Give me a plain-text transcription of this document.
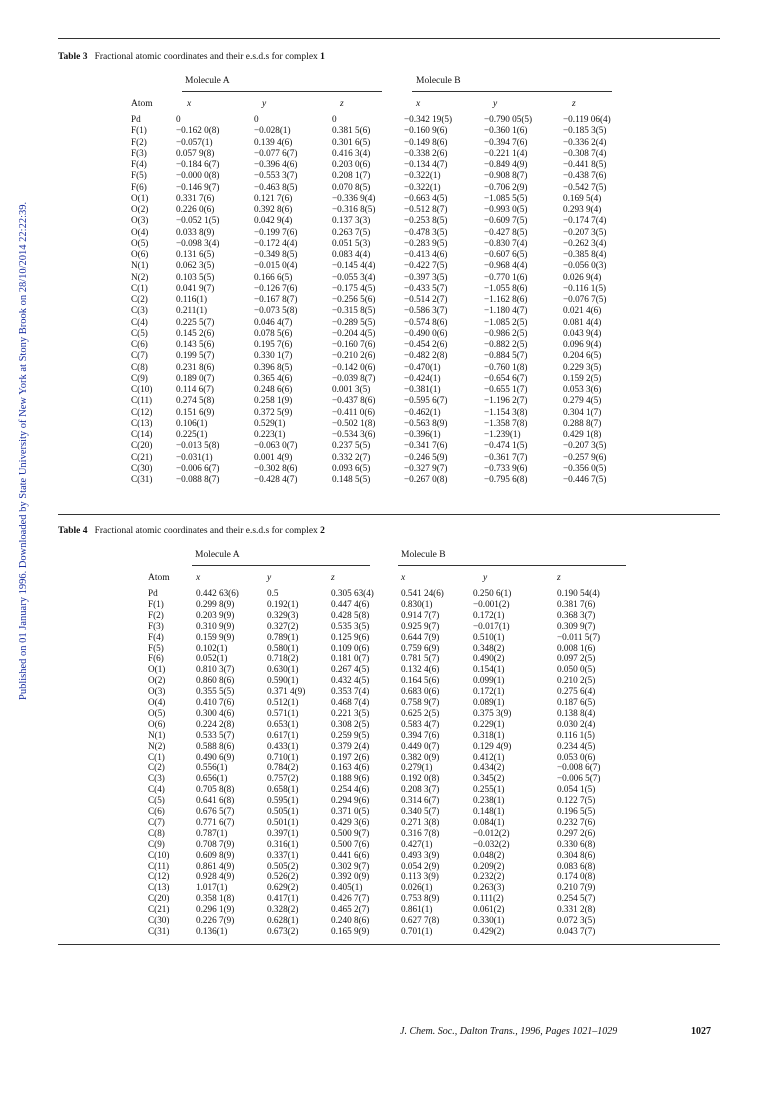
Published on 01 January 1996. Downloaded by State University of New York at Stony Brook on 28/10/2014 22:22:39.
Table 3 Fractional atomic coordinates and their e.s.d.s for complex 1
Molecule A	Molecule B
Atom	x	y	z	x	y	z
Pd	0	0	0	−0.342 19(5)	−0.790 05(5)	−0.119 06(4)
F(1)	−0.162 0(8)	−0.028(1)	0.381 5(6)	−0.160 9(6)	−0.360 1(6)	−0.185 3(5)
F(2)	−0.057(1)	0.139 4(6)	0.301 6(5)	−0.149 8(6)	−0.394 7(6)	−0.336 2(4)
F(3)	0.057 9(8)	−0.077 6(7)	0.416 3(4)	−0.338 2(6)	−0.221 1(4)	−0.308 7(4)
F(4)	−0.184 6(7)	−0.396 4(6)	0.203 0(6)	−0.134 4(7)	−0.849 4(9)	−0.441 8(5)
F(5)	−0.000 0(8)	−0.553 3(7)	0.208 1(7)	−0.322(1)	−0.908 8(7)	−0.438 7(6)
F(6)	−0.146 9(7)	−0.463 8(5)	0.070 8(5)	−0.322(1)	−0.706 2(9)	−0.542 7(5)
O(1)	0.331 7(6)	0.121 7(6)	−0.336 9(4)	−0.663 4(5)	−1.085 5(5)	0.169 5(4)
O(2)	0.226 0(6)	0.392 8(6)	−0.316 8(5)	−0.512 8(7)	−0.993 0(5)	0.293 9(4)
O(3)	−0.052 1(5)	0.042 9(4)	0.137 3(3)	−0.253 8(5)	−0.609 7(5)	−0.174 7(4)
O(4)	0.033 8(9)	−0.199 7(6)	0.263 7(5)	−0.478 3(5)	−0.427 8(5)	−0.207 3(5)
O(5)	−0.098 3(4)	−0.172 4(4)	0.051 5(3)	−0.283 9(5)	−0.830 7(4)	−0.262 3(4)
O(6)	0.131 6(5)	−0.349 8(5)	0.083 4(4)	−0.413 4(6)	−0.607 6(5)	−0.385 8(4)
N(1)	0.062 3(5)	−0.015 0(4)	−0.145 4(4)	−0.422 7(5)	−0.968 4(4)	−0.056 0(3)
N(2)	0.103 5(5)	0.166 6(5)	−0.055 3(4)	−0.397 3(5)	−0.770 1(6)	0.026 9(4)
C(1)	0.041 9(7)	−0.126 7(6)	−0.175 4(5)	−0.433 5(7)	−1.055 8(6)	−0.116 1(5)
C(2)	0.116(1)	−0.167 8(7)	−0.256 5(6)	−0.514 2(7)	−1.162 8(6)	−0.076 7(5)
C(3)	0.211(1)	−0.073 5(8)	−0.315 8(5)	−0.586 3(7)	−1.180 4(7)	0.021 4(6)
C(4)	0.225 5(7)	0.046 4(7)	−0.289 5(5)	−0.574 8(6)	−1.085 2(5)	0.081 4(4)
C(5)	0.145 2(6)	0.078 5(6)	−0.204 4(5)	−0.490 0(6)	−0.986 2(5)	0.043 9(4)
C(6)	0.143 5(6)	0.195 7(6)	−0.160 7(6)	−0.454 2(6)	−0.882 2(5)	0.096 9(4)
C(7)	0.199 5(7)	0.330 1(7)	−0.210 2(6)	−0.482 2(8)	−0.884 5(7)	0.204 6(5)
C(8)	0.231 8(6)	0.396 8(5)	−0.142 0(6)	−0.470(1)	−0.760 1(8)	0.229 3(5)
C(9)	0.189 0(7)	0.365 4(6)	−0.039 8(7)	−0.424(1)	−0.654 6(7)	0.159 2(5)
C(10)	0.114 6(7)	0.248 6(6)	0.001 3(5)	−0.381(1)	−0.655 1(7)	0.053 3(6)
C(11)	0.274 5(8)	0.258 1(9)	−0.437 8(6)	−0.595 6(7)	−1.196 2(7)	0.279 4(5)
C(12)	0.151 6(9)	0.372 5(9)	−0.411 0(6)	−0.462(1)	−1.154 3(8)	0.304 1(7)
C(13)	0.106(1)	0.529(1)	−0.502 1(8)	−0.563 8(9)	−1.358 7(8)	0.288 8(7)
C(14)	0.225(1)	0.223(1)	−0.534 3(6)	−0.396(1)	−1.239(1)	0.429 1(8)
C(20)	−0.013 5(8)	−0.063 0(7)	0.237 5(5)	−0.341 7(6)	−0.474 1(5)	−0.207 3(5)
C(21)	−0.031(1)	0.001 4(9)	0.332 2(7)	−0.246 5(9)	−0.361 7(7)	−0.257 9(6)
C(30)	−0.006 6(7)	−0.302 8(6)	0.093 6(5)	−0.327 9(7)	−0.733 9(6)	−0.356 0(5)
C(31)	−0.088 8(7)	−0.428 4(7)	0.148 5(5)	−0.267 0(8)	−0.795 6(8)	−0.446 7(5)
Table 4 Fractional atomic coordinates and their e.s.d.s for complex 2
Molecule A	Molecule B
Atom	x	y	z	x	y	z
Pd	0.442 63(6)	0.5	0.305 63(4)	0.541 24(6)	0.250 6(1)	0.190 54(4)
F(1)	0.299 8(9)	0.192(1)	0.447 4(6)	0.830(1)	−0.001(2)	0.381 7(6)
F(2)	0.203 9(9)	0.329(3)	0.428 5(8)	0.914 7(7)	0.172(1)	0.368 3(7)
F(3)	0.310 9(9)	0.327(2)	0.535 3(5)	0.925 9(7)	−0.017(1)	0.309 9(7)
F(4)	0.159 9(9)	0.789(1)	0.125 9(6)	0.644 7(9)	0.510(1)	−0.011 5(7)
F(5)	0.102(1)	0.580(1)	0.109 0(6)	0.759 6(9)	0.348(2)	0.008 1(6)
F(6)	0.052(1)	0.718(2)	0.181 0(7)	0.781 5(7)	0.490(2)	0.097 2(5)
O(1)	0.810 3(7)	0.630(1)	0.267 4(5)	0.132 4(6)	0.154(1)	0.050 0(5)
O(2)	0.860 8(6)	0.590(1)	0.432 4(5)	0.164 5(6)	0.099(1)	0.210 2(5)
O(3)	0.355 5(5)	0.371 4(9)	0.353 7(4)	0.683 0(6)	0.172(1)	0.275 6(4)
O(4)	0.410 7(6)	0.512(1)	0.468 7(4)	0.758 9(7)	0.089(1)	0.187 6(5)
O(5)	0.300 4(6)	0.571(1)	0.221 3(5)	0.625 2(5)	0.375 3(9)	0.138 8(4)
O(6)	0.224 2(8)	0.653(1)	0.308 2(5)	0.583 4(7)	0.229(1)	0.030 2(4)
N(1)	0.533 5(7)	0.617(1)	0.259 9(5)	0.394 7(6)	0.318(1)	0.116 1(5)
N(2)	0.588 8(6)	0.433(1)	0.379 2(4)	0.449 0(7)	0.129 4(9)	0.234 4(5)
C(1)	0.490 6(9)	0.710(1)	0.197 2(6)	0.382 0(9)	0.412(1)	0.053 0(6)
C(2)	0.556(1)	0.784(2)	0.163 4(6)	0.279(1)	0.434(2)	−0.008 6(7)
C(3)	0.656(1)	0.757(2)	0.188 9(6)	0.192 0(8)	0.345(2)	−0.006 5(7)
C(4)	0.705 8(8)	0.658(1)	0.254 4(6)	0.208 3(7)	0.255(1)	0.054 1(5)
C(5)	0.641 6(8)	0.595(1)	0.294 9(6)	0.314 6(7)	0.238(1)	0.122 7(5)
C(6)	0.676 5(7)	0.505(1)	0.371 0(5)	0.340 5(7)	0.148(1)	0.196 5(5)
C(7)	0.771 6(7)	0.501(1)	0.429 3(6)	0.271 3(8)	0.084(1)	0.232 7(6)
C(8)	0.787(1)	0.397(1)	0.500 9(7)	0.316 7(8)	−0.012(2)	0.297 2(6)
C(9)	0.708 7(9)	0.316(1)	0.500 7(6)	0.427(1)	−0.032(2)	0.330 6(8)
C(10)	0.609 8(9)	0.337(1)	0.441 6(6)	0.493 3(9)	0.048(2)	0.304 8(6)
C(11)	0.861 4(9)	0.505(2)	0.302 9(7)	0.054 2(9)	0.209(2)	0.083 6(8)
C(12)	0.928 4(9)	0.526(2)	0.392 0(9)	0.113 3(9)	0.232(2)	0.174 0(8)
C(13)	1.017(1)	0.629(2)	0.405(1)	0.026(1)	0.263(3)	0.210 7(9)
C(20)	0.358 1(8)	0.417(1)	0.426 7(7)	0.753 8(9)	0.111(2)	0.254 5(7)
C(21)	0.296 1(9)	0.328(2)	0.465 2(7)	0.861(1)	0.061(2)	0.331 2(8)
C(30)	0.226 7(9)	0.628(1)	0.240 8(6)	0.627 7(8)	0.330(1)	0.072 3(5)
C(31)	0.136(1)	0.673(2)	0.165 9(9)	0.701(1)	0.429(2)	0.043 7(7)
J. Chem. Soc., Dalton Trans., 1996, Pages 1021–1029	1027
